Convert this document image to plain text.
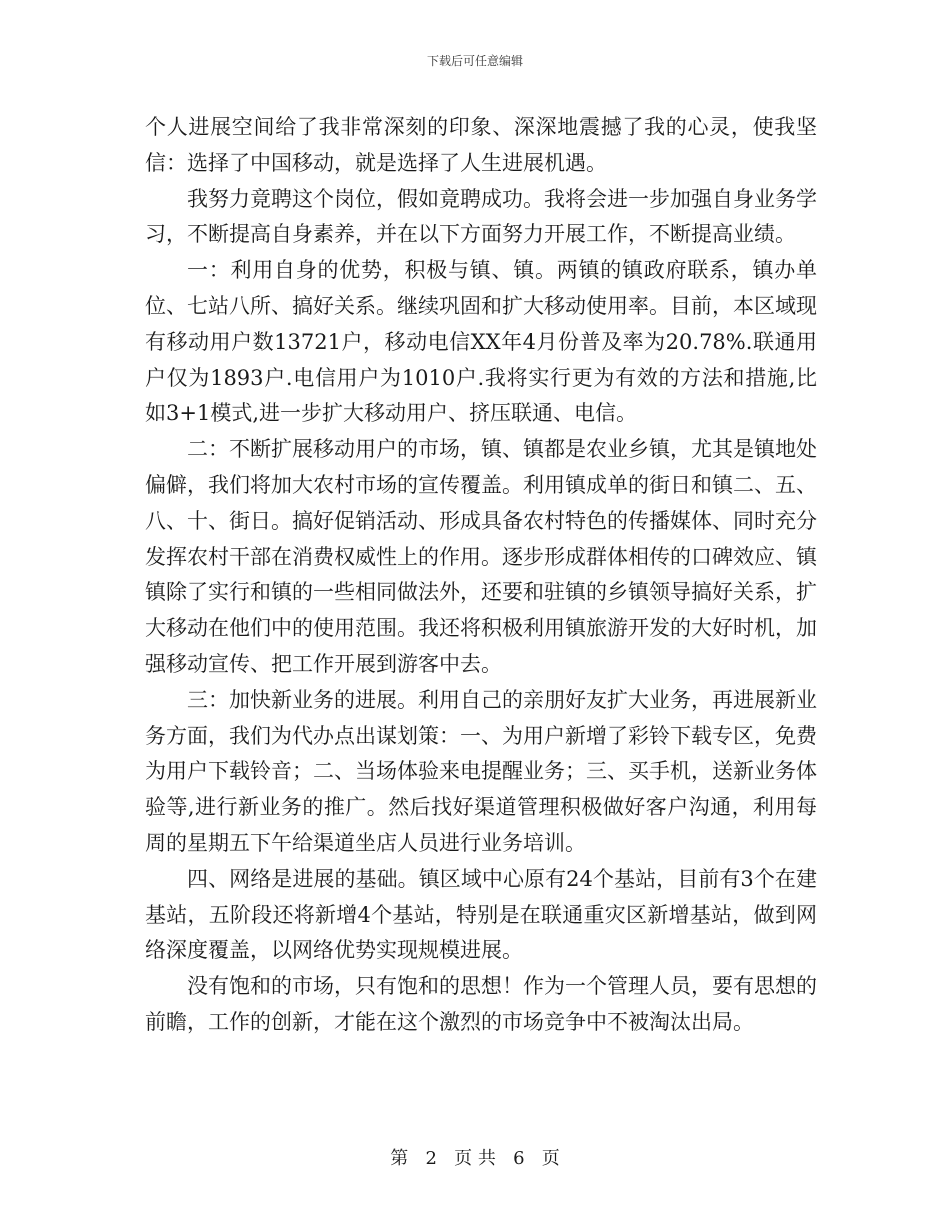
下载后可任意编辑

个人进展空间给了我非常深刻的印象、深深地震撼了我的心灵，使我坚信：选择了中国移动，就是选择了人生进展机遇。

我努力竟聘这个岗位，假如竟聘成功。我将会进一步加强自身业务学习，不断提高自身素养，并在以下方面努力开展工作，不断提高业绩。

一：利用自身的优势，积极与镇、镇。两镇的镇政府联系，镇办单位、七站八所、搞好关系。继续巩固和扩大移动使用率。目前，本区域现有移动用户数13721户，移动电信XX年4月份普及率为20.78%.联通用户仅为1893户.电信用户为1010户.我将实行更为有效的方法和措施,比如3+1模式,进一步扩大移动用户、挤压联通、电信。

二：不断扩展移动用户的市场，镇、镇都是农业乡镇，尤其是镇地处偏僻，我们将加大农村市场的宣传覆盖。利用镇成单的街日和镇二、五、八、十、街日。搞好促销活动、形成具备农村特色的传播媒体、同时充分发挥农村干部在消费权威性上的作用。逐步形成群体相传的口碑效应、镇镇除了实行和镇的一些相同做法外，还要和驻镇的乡镇领导搞好关系，扩大移动在他们中的使用范围。我还将积极利用镇旅游开发的大好时机，加强移动宣传、把工作开展到游客中去。

三：加快新业务的进展。利用自己的亲朋好友扩大业务，再进展新业务方面，我们为代办点出谋划策：一、为用户新增了彩铃下载专区，免费为用户下载铃音；二、当场体验来电提醒业务；三、买手机，送新业务体验等,进行新业务的推广。然后找好渠道管理积极做好客户沟通，利用每周的星期五下午给渠道坐店人员进行业务培训。

四、网络是进展的基础。镇区域中心原有24个基站，目前有3个在建基站，五阶段还将新增4个基站，特别是在联通重灾区新增基站，做到网络深度覆盖，以网络优势实现规模进展。

没有饱和的市场，只有饱和的思想！作为一个管理人员，要有思想的前瞻，工作的创新，才能在这个激烈的市场竞争中不被淘汰出局。

第 2 页 共 6 页
